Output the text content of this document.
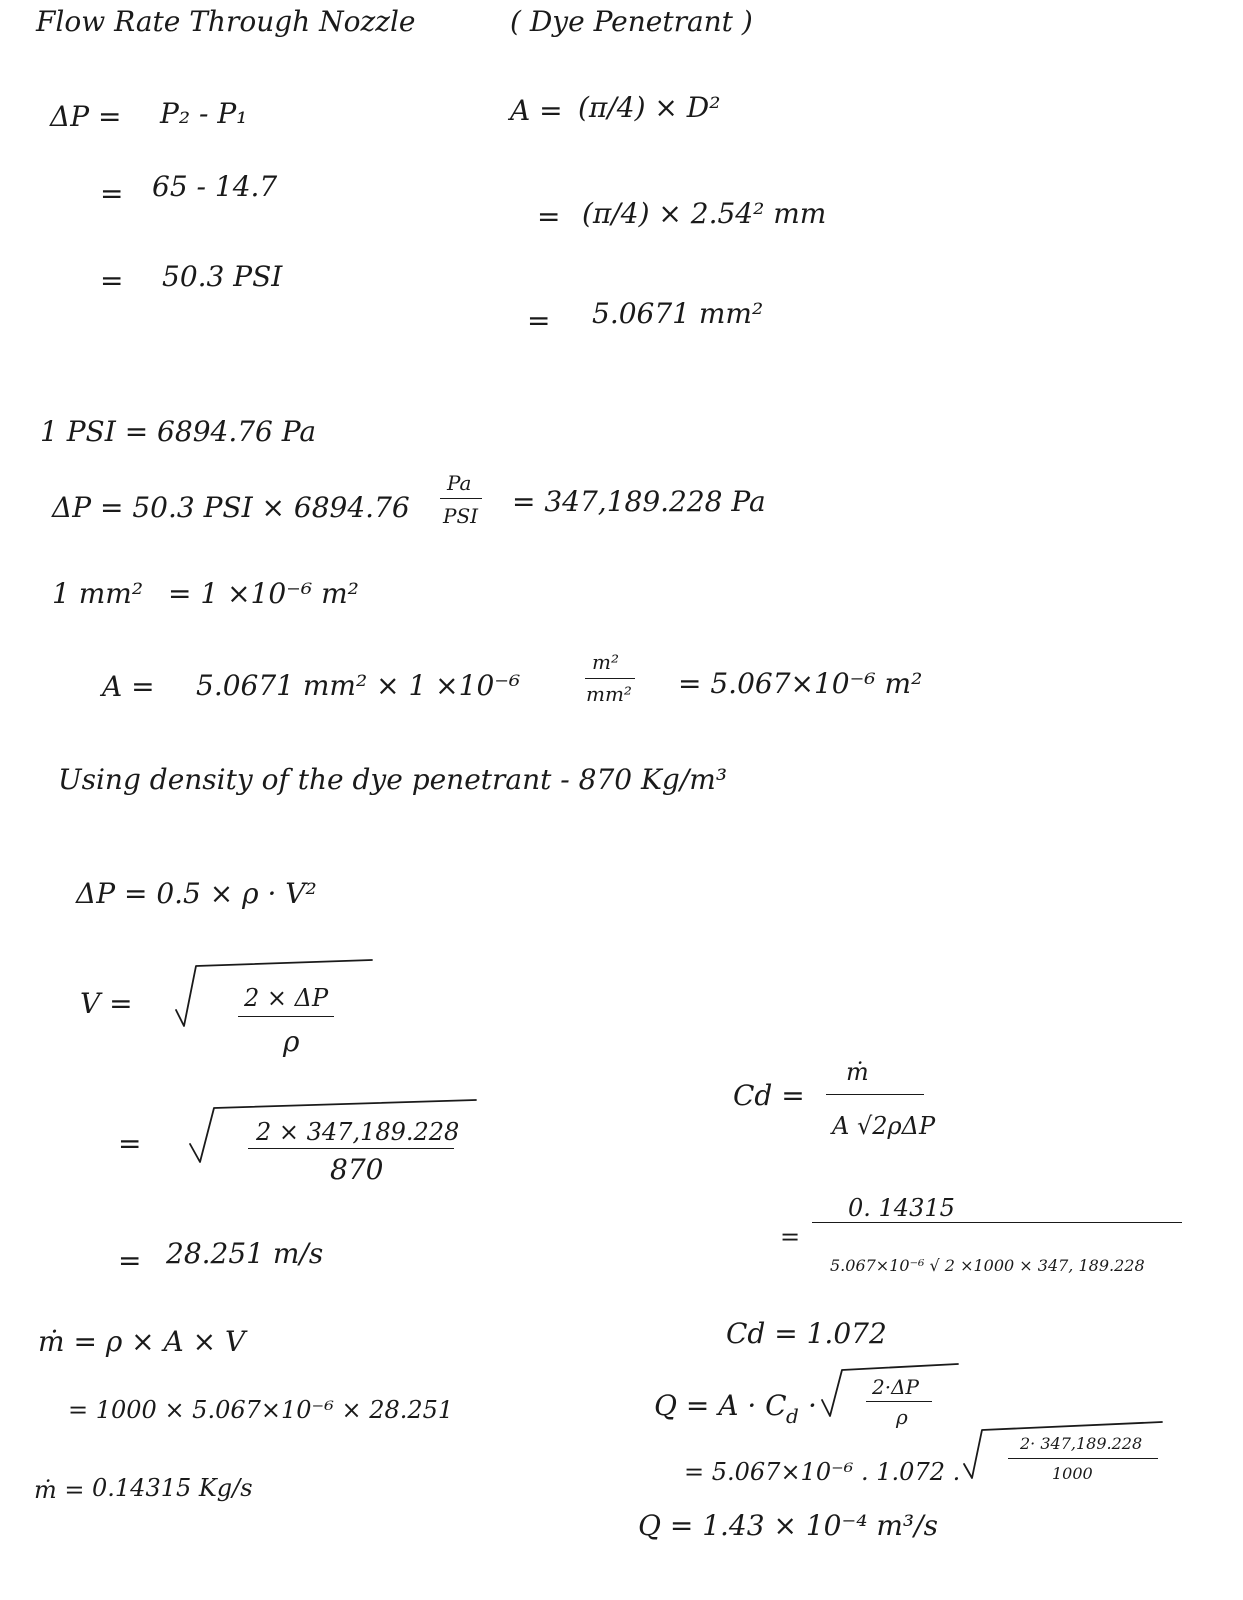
Flow Rate Through Nozzle	( Dye Penetrant )
ΔP = P₂ - P₁
= 65 - 14.7
= 50.3 PSI
A = (π/4) × D²
= (π/4) × 2.54² mm
= 5.0671 mm²
1 PSI = 6894.76 Pa
ΔP = 50.3 PSI × 6894.76
Pa
PSI = 347,189.228 Pa
1 mm² = 1 ×10⁻⁶ m²
A = 5.0671 mm² × 1 ×10⁻⁶
m²
mm² = 5.067×10⁻⁶ m²
Using density of the dye penetrant - 870 Kg/m³
ΔP = 0.5 × ρ · V²
V =	2 × ΔP
ρ
=	2 × 347,189.228
870
= 28.251 m/s
ṁ = ρ × A × V
= 1000 × 5.067×10⁻⁶ × 28.251
ṁ = 0.14315 Kg/s
Cd =
ṁ
A √2ρΔP
=
0. 14315
5.067×10⁻⁶ √ 2 ×1000 × 347, 189.228
Cd = 1.072
Q = A · C d ·
2·ΔP
ρ
= 5.067×10⁻⁶ . 1.072 .
2· 347,189.228
1000
Q = 1.43 × 10⁻⁴ m³/s
